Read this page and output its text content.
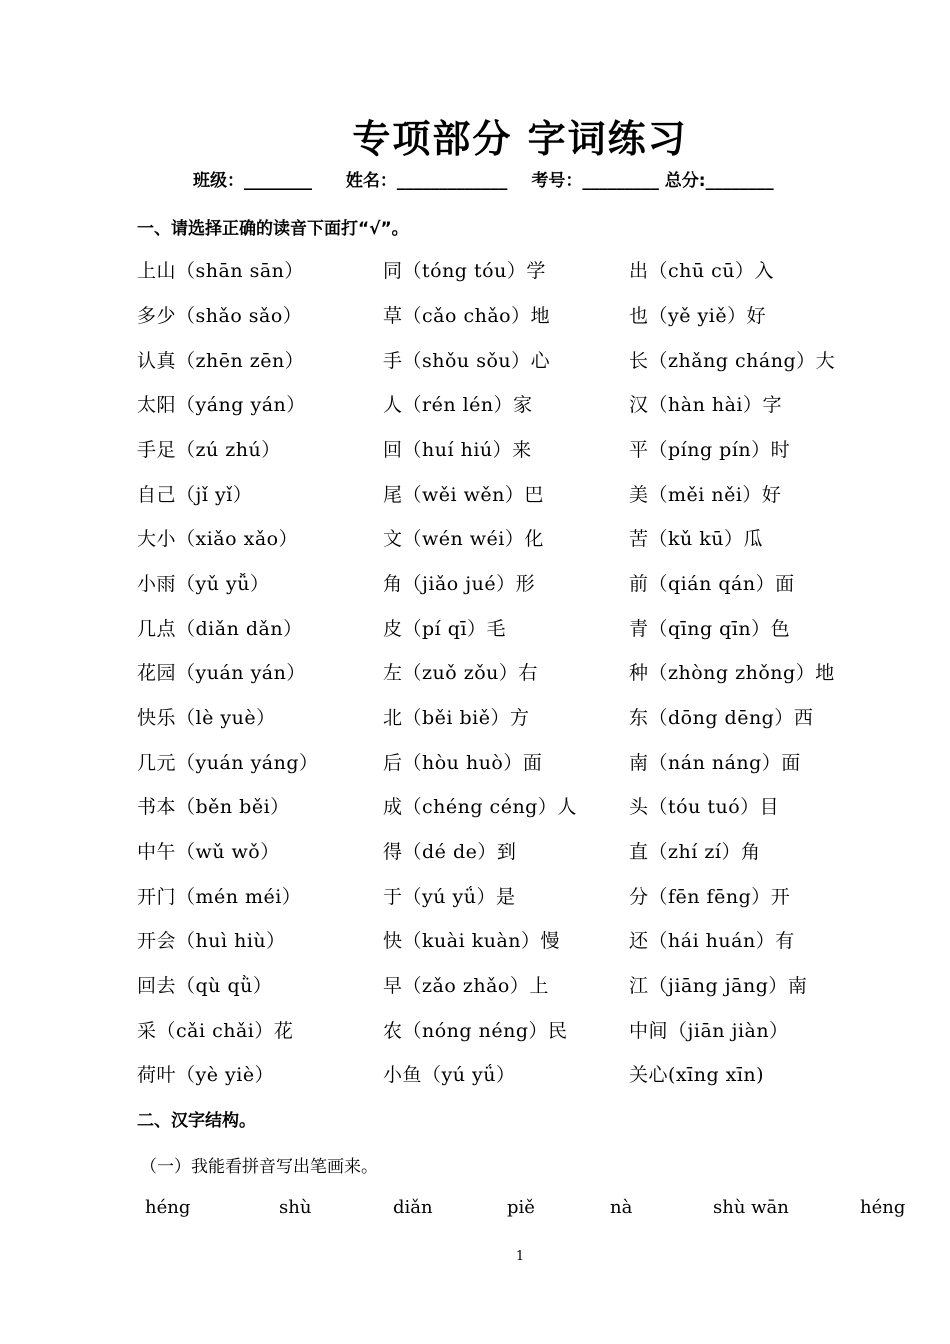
专项部分 字词练习
班级：________ 姓名：_____________ 考号：_________ 总分:________
一、请选择正确的读音下面打“√”。
上山（shān sān）	同（tóng tóu）学	出（chū cū）入
多少（shǎo sǎo）	草（cǎo chǎo）地	也（yě yiě）好
认真（zhēn zēn）	手（shǒu sǒu）心	长（zhǎng cháng）大
太阳（yáng yán）	人（rén lén）家	汉（hàn hài）字
手足（zú zhú）	回（huí hiú）来	平（píng pín）时
自己（jǐ yǐ）	尾（wěi wěn）巴	美（měi něi）好
大小（xiǎo xǎo）	文（wén wéi）化	苦（kǔ kū）瓜
小雨（yǔ yǚ）	角（jiǎo jué）形	前（qián qán）面
几点（diǎn dǎn）	皮（pí qī）毛	青（qīng qīn）色
花园（yuán yán）	左（zuǒ zǒu）右	种（zhòng zhǒng）地
快乐（lè yuè）	北（běi biě）方	东（dōng dēng）西
几元（yuán yáng）	后（hòu huò）面	南（nán náng）面
书本（běn běi）	成（chéng céng）人	头（tóu tuó）目
中午（wǔ wǒ）	得（dé de）到	直（zhí zí）角
开门（mén méi）	于（yú yǘ）是	分（fēn fēng）开
开会（huì hiù）	快（kuài kuàn）慢	还（hái huán）有
回去（qù qǜ）	早（zǎo zhǎo）上	江（jiāng jāng）南
采（cǎi chǎi）花	农（nóng néng）民	中间（jiān jiàn）
荷叶（yè yiè）	小鱼（yú yǘ）	关心(xīng xīn)
二、汉字结构。
（一）我能看拼音写出笔画来。
héng	shù	diǎn	piě	nà	shù wān	héng
1
